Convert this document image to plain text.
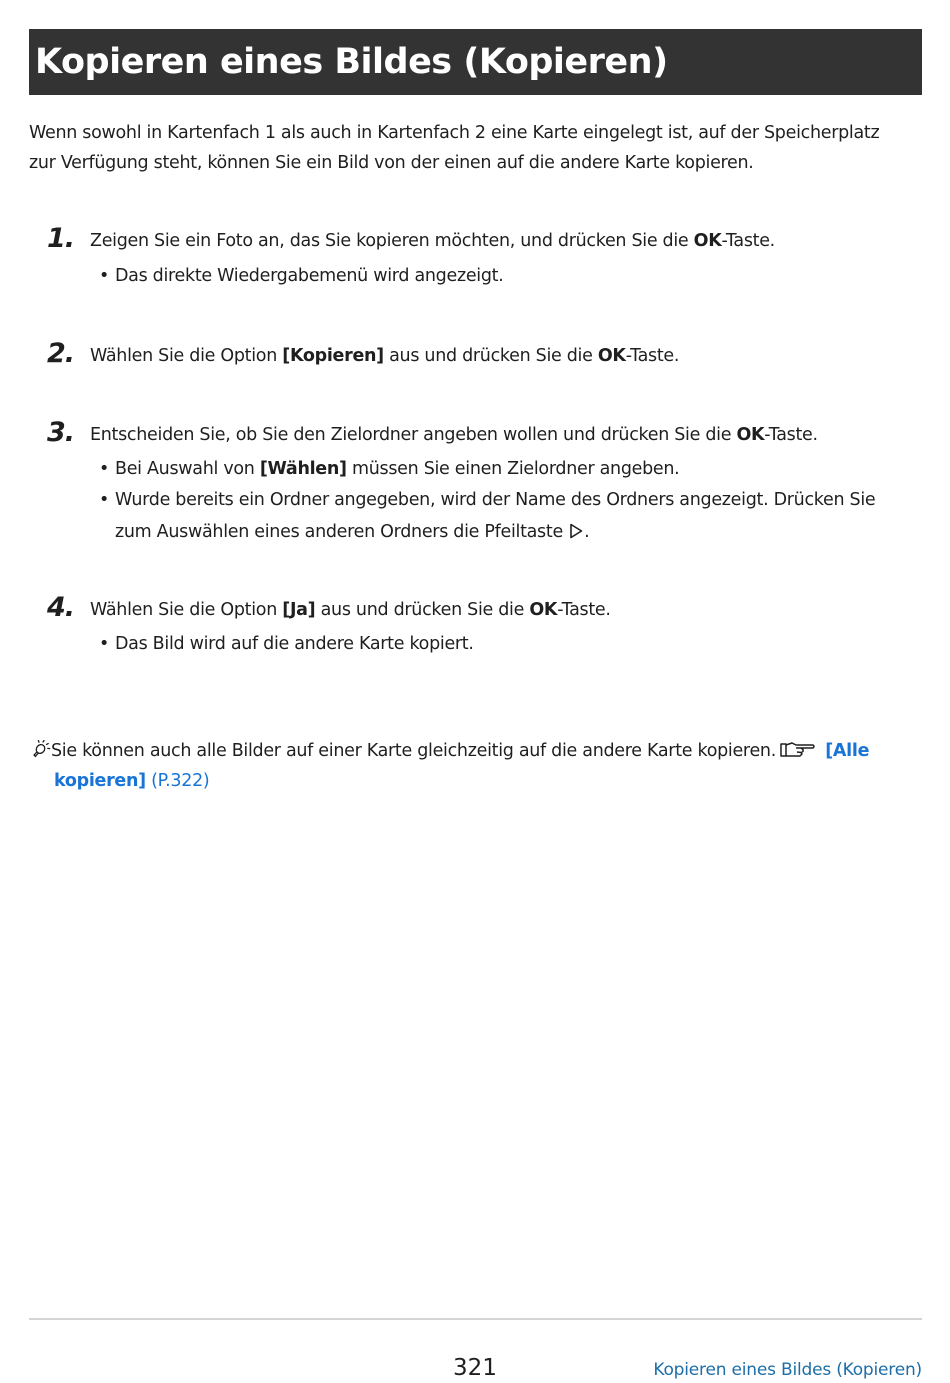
Kopieren eines Bildes (Kopieren)

Wenn sowohl in Kartenfach 1 als auch in Kartenfach 2 eine Karte eingelegt ist, auf der Speicherplatz
zur Verfügung steht, können Sie ein Bild von der einen auf die andere Karte kopieren.

1. Zeigen Sie ein Foto an, das Sie kopieren möchten, und drücken Sie die OK-Taste.
• Das direkte Wiedergabemenü wird angezeigt.
2. Wählen Sie die Option [Kopieren] aus und drücken Sie die OK-Taste.
3. Entscheiden Sie, ob Sie den Zielordner angeben wollen und drücken Sie die OK-Taste.
• Bei Auswahl von [Wählen] müssen Sie einen Zielordner angeben.
• Wurde bereits ein Ordner angegeben, wird der Name des Ordners angezeigt. Drücken Sie
zum Auswählen eines anderen Ordners die Pfeiltaste .
4. Wählen Sie die Option [Ja] aus und drücken Sie die OK-Taste.
• Das Bild wird auf die andere Karte kopiert.
Sie können auch alle Bilder auf einer Karte gleichzeitig auf die andere Karte kopieren.	[Alle
kopieren] (P.322)
321	Kopieren eines Bildes (Kopieren)
